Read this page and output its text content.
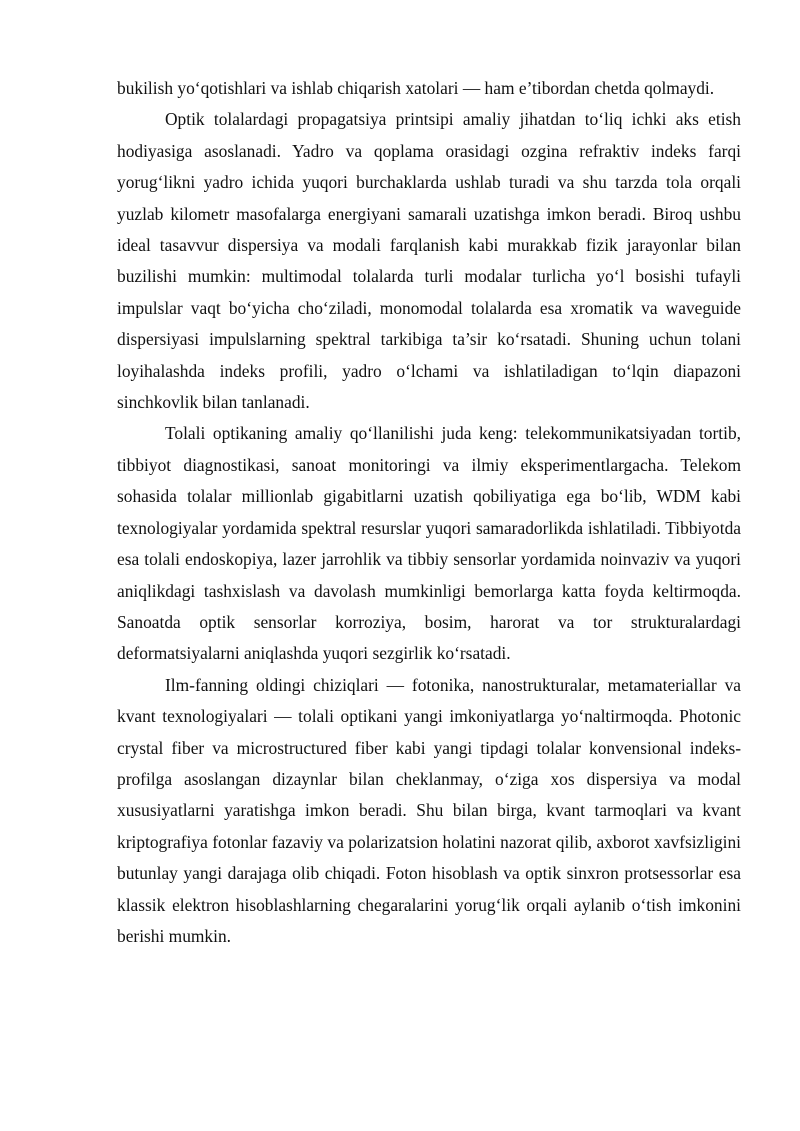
bukilish yo‘qotishlari va ishlab chiqarish xatolari — ham e’tibordan chetda qolmaydi.

Optik tolalardagi propagatsiya printsipi amaliy jihatdan to‘liq ichki aks etish hodiyasiga asoslanadi. Yadro va qoplama orasidagi ozgina refraktiv indeks farqi yorug‘likni yadro ichida yuqori burchaklarda ushlab turadi va shu tarzda tola orqali yuzlab kilometr masofalarga energiyani samarali uzatishga imkon beradi. Biroq ushbu ideal tasavvur dispersiya va modali farqlanish kabi murakkab fizik jarayonlar bilan buzilishi mumkin: multimodal tolalarda turli modalar turlicha yo‘l bosishi tufayli impulslar vaqt bo‘yicha cho‘ziladi, monomodal tolalarda esa xromatik va waveguide dispersiyasi impulslarning spektral tarkibiga ta’sir ko‘rsatadi. Shuning uchun tolani loyihalashda indeks profili, yadro o‘lchami va ishlatiladigan to‘lqin diapazoni sinchkovlik bilan tanlanadi.

Tolali optikaning amaliy qo‘llanilishi juda keng: telekommunikatsiyadan tortib, tibbiyot diagnostikasi, sanoat monitoringi va ilmiy eksperimentlargacha. Telekom sohasida tolalar millionlab gigabitlarni uzatish qobiliyatiga ega bo‘lib, WDM kabi texnologiyalar yordamida spektral resurslar yuqori samaradorlikda ishlatiladi. Tibbiyotda esa tolali endoskopiya, lazer jarrohlik va tibbiy sensorlar yordamida noinvaziv va yuqori aniqlikdagi tashxislash va davolash mumkinligi bemorlarga katta foyda keltirmoqda. Sanoatda optik sensorlar korroziya, bosim, harorat va tor strukturalardagi deformatsiyalarni aniqlashda yuqori sezgirlik ko‘rsatadi.

Ilm-fanning oldingi chiziqlari — fotonika, nanostrukturalar, metamateriallar va kvant texnologiyalari — tolali optikani yangi imkoniyatlarga yo‘naltirmoqda. Photonic crystal fiber va microstructured fiber kabi yangi tipdagi tolalar konvensional indeks-profilga asoslangan dizaynlar bilan cheklanmay, o‘ziga xos dispersiya va modal xususiyatlarni yaratishga imkon beradi. Shu bilan birga, kvant tarmoqlari va kvant kriptografiya fotonlar fazaviy va polarizatsion holatini nazorat qilib, axborot xavfsizligini butunlay yangi darajaga olib chiqadi. Foton hisoblash va optik sinxron protsessorlar esa klassik elektron hisoblashlarning chegaralarini yorug‘lik orqali aylanib o‘tish imkonini berishi mumkin.
